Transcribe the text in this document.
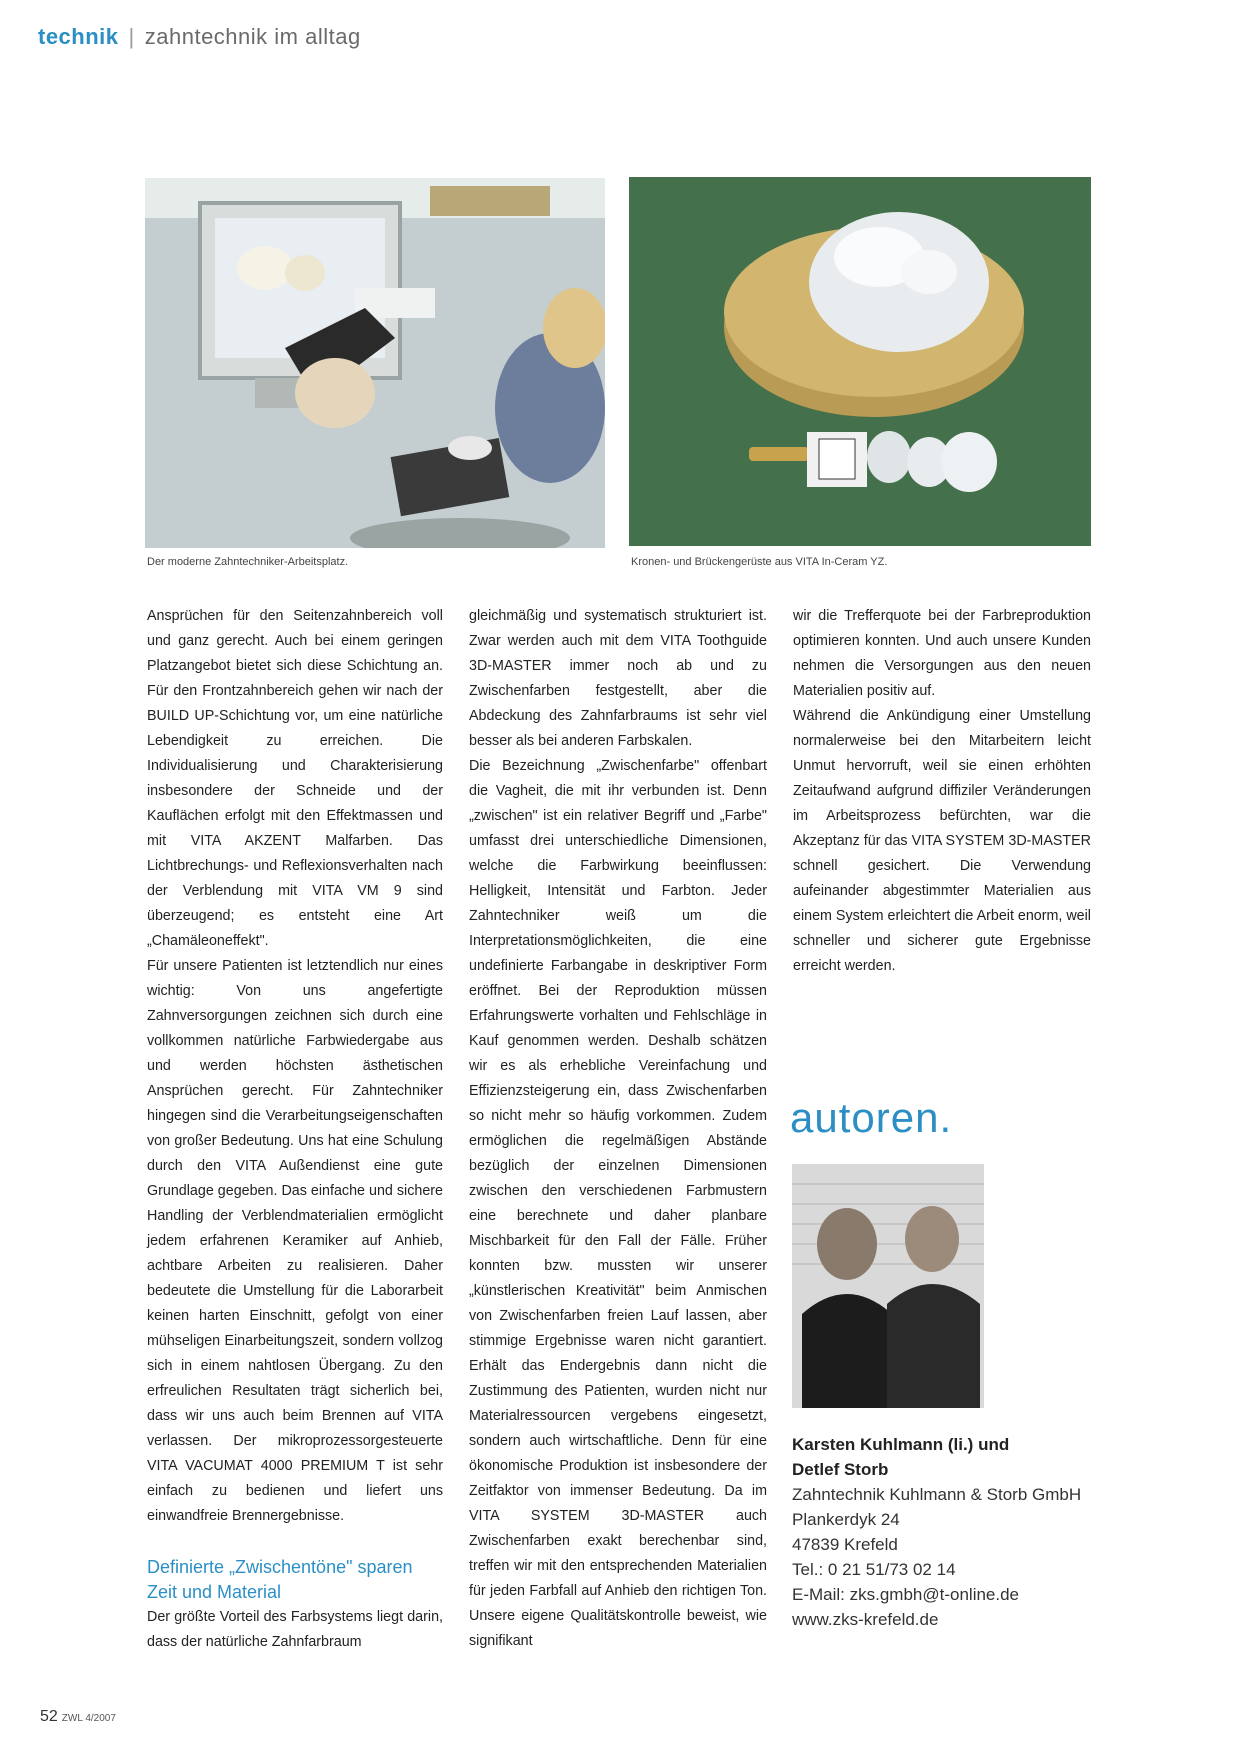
technik | zahntechnik im alltag
Der moderne Zahntechniker-Arbeitsplatz.	Kronen- und Brückengerüste aus VITA In-Ceram YZ.

Ansprüchen für den Seitenzahnbereich voll und ganz gerecht. Auch bei einem geringen Platzangebot bietet sich diese Schichtung an. Für den Frontzahnbereich gehen wir nach der BUILD UP-Schichtung vor, um eine natürliche Lebendigkeit zu erreichen. Die Individualisierung und Charakterisierung insbesondere der Schneide und der Kauflächen erfolgt mit den Effektmassen und mit VITA AKZENT Malfarben. Das Lichtbrechungs- und Reflexionsverhalten nach der Verblendung mit VITA VM 9 sind überzeugend; es entsteht eine Art „Chamäleoneffekt".

Für unsere Patienten ist letztendlich nur eines wichtig: Von uns angefertigte Zahnversorgungen zeichnen sich durch eine vollkommen natürliche Farbwiedergabe aus und werden höchsten ästhetischen Ansprüchen gerecht. Für Zahntechniker hingegen sind die Verarbeitungseigenschaften von großer Bedeutung. Uns hat eine Schulung durch den VITA Außendienst eine gute Grundlage gegeben. Das einfache und sichere Handling der Verblendmaterialien ermöglicht jedem erfahrenen Keramiker auf Anhieb, achtbare Arbeiten zu realisieren. Daher bedeutete die Umstellung für die Laborarbeit keinen harten Einschnitt, gefolgt von einer mühseligen Einarbeitungszeit, sondern vollzog sich in einem nahtlosen Übergang. Zu den erfreulichen Resultaten trägt sicherlich bei, dass wir uns auch beim Brennen auf VITA verlassen. Der mikroprozessorgesteuerte VITA VACUMAT 4000 PREMIUM T ist sehr einfach zu bedienen und liefert uns einwandfreie Brennergebnisse.

Definierte „Zwischentöne" sparen Zeit und Material

Der größte Vorteil des Farbsystems liegt darin, dass der natürliche Zahnfarbraum

gleichmäßig und systematisch strukturiert ist. Zwar werden auch mit dem VITA Toothguide 3D-MASTER immer noch ab und zu Zwischenfarben festgestellt, aber die Abdeckung des Zahnfarbraums ist sehr viel besser als bei anderen Farbskalen.

Die Bezeichnung „Zwischenfarbe" offenbart die Vagheit, die mit ihr verbunden ist. Denn „zwischen" ist ein relativer Begriff und „Farbe" umfasst drei unterschiedliche Dimensionen, welche die Farbwirkung beeinflussen: Helligkeit, Intensität und Farbton. Jeder Zahntechniker weiß um die Interpretationsmöglichkeiten, die eine undefinierte Farbangabe in deskriptiver Form eröffnet. Bei der Reproduktion müssen Erfahrungswerte vorhalten und Fehlschläge in Kauf genommen werden. Deshalb schätzen wir es als erhebliche Vereinfachung und Effizienzsteigerung ein, dass Zwischenfarben so nicht mehr so häufig vorkommen. Zudem ermöglichen die regelmäßigen Abstände bezüglich der einzelnen Dimensionen zwischen den verschiedenen Farbmustern eine berechnete und daher planbare Mischbarkeit für den Fall der Fälle. Früher konnten bzw. mussten wir unserer „künstlerischen Kreativität" beim Anmischen von Zwischenfarben freien Lauf lassen, aber stimmige Ergebnisse waren nicht garantiert. Erhält das Endergebnis dann nicht die Zustimmung des Patienten, wurden nicht nur Materialressourcen vergebens eingesetzt, sondern auch wirtschaftliche. Denn für eine ökonomische Produktion ist insbesondere der Zeitfaktor von immenser Bedeutung. Da im VITA SYSTEM 3D-MASTER auch Zwischenfarben exakt berechenbar sind, treffen wir mit den entsprechenden Materialien für jeden Farbfall auf Anhieb den richtigen Ton. Unsere eigene Qualitätskontrolle beweist, wie signifikant

wir die Trefferquote bei der Farbreproduktion optimieren konnten. Und auch unsere Kunden nehmen die Versorgungen aus den neuen Materialien positiv auf.

Während die Ankündigung einer Umstellung normalerweise bei den Mitarbeitern leicht Unmut hervorruft, weil sie einen erhöhten Zeitaufwand aufgrund diffiziler Veränderungen im Arbeitsprozess befürchten, war die Akzeptanz für das VITA SYSTEM 3D-MASTER schnell gesichert. Die Verwendung aufeinander abgestimmter Materialien aus einem System erleichtert die Arbeit enorm, weil schneller und sicherer gute Ergebnisse erreicht werden.

autoren.
Karsten Kuhlmann (li.) und
Detlef Storb
Zahntechnik Kuhlmann & Storb GmbH
Plankerdyk 24
47839 Krefeld
Tel.: 0 21 51/73 02 14
E-Mail: zks.gmbh@t-online.de
www.zks-krefeld.de
52 ZWL 4/2007
